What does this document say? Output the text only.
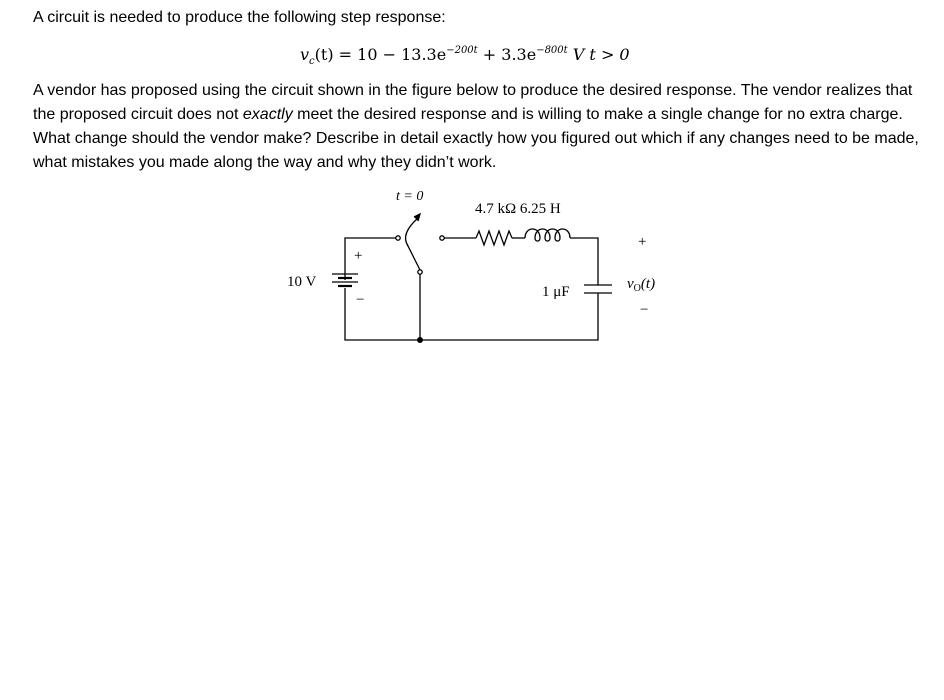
A circuit is needed to produce the following step response:

$v_c(t) = 10 - 13.3e^{-200t} + 3.3e^{-800t}$ V t > 0

A vendor has proposed using the circuit shown in the figure below to produce the desired response. The vendor realizes that the proposed circuit does not exactly meet the desired response and is willing to make a single change for no extra charge. What change should the vendor make? Describe in detail exactly how you figured out which if any changes need to be made, what mistakes you made along the way and why they didn’t work.

t = 0
4.7 kΩ 6.25 H
10 V
+
−	1 μF
+
$v_O(t)$
−
